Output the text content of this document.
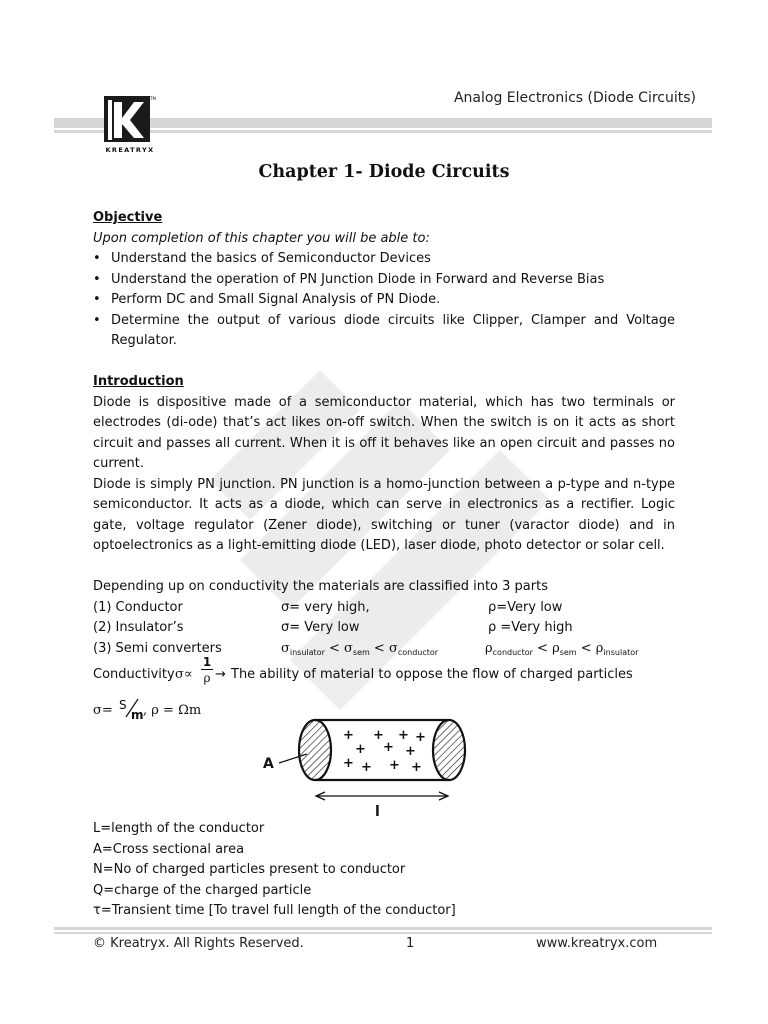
Analog Electronics (Diode Circuits)
TM
KREATRYX
Chapter 1- Diode Circuits

Objective

Upon completion of this chapter you will be able to:

• Understand the basics of Semiconductor Devices

• Understand the operation of PN Junction Diode in Forward and Reverse Bias

• Perform DC and Small Signal Analysis of PN Diode.

• Determine the output of various diode circuits like Clipper, Clamper and Voltage Regulator.

Introduction

Diode is dispositive made of a semiconductor material, which has two terminals or electrodes (di-ode) that’s act likes on-off switch. When the switch is on it acts as short circuit and passes all current. When it is off it behaves like an open circuit and passes no current.

Diode is simply PN junction. PN junction is a homo-junction between a p-type and n-type semiconductor. It acts as a diode, which can serve in electronics as a rectifier. Logic gate, voltage regulator (Zener diode), switching or tuner (varactor diode) and in optoelectronics as a light-emitting diode (LED), laser diode, photo detector or solar cell.

Depending up on conductivity the materials are classified into 3 parts

(1) Conductor	σ= very high,	ρ=Very low
(2) Insulator’s	σ= Very low	ρ =Very high
(3) Semi converters	$\sigma_{insulator} < \sigma_{sem} < \sigma_{conductor}$	$\rho_{conductor} < \rho_{sem} < \rho_{insulator}$
Conductivity σ∝
1
ρ → The ability of material to oppose the flow of charged particles
σ= S
m , ρ = Ωm
+ + + +
+ + +
+ + + +
A
l
L=length of the conductor
A=Cross sectional area
N=No of charged particles present to conductor
Q=charge of the charged particle
τ=Transient time [To travel full length of the conductor]
© Kreatryx. All Rights Reserved.	1	www.kreatryx.com
